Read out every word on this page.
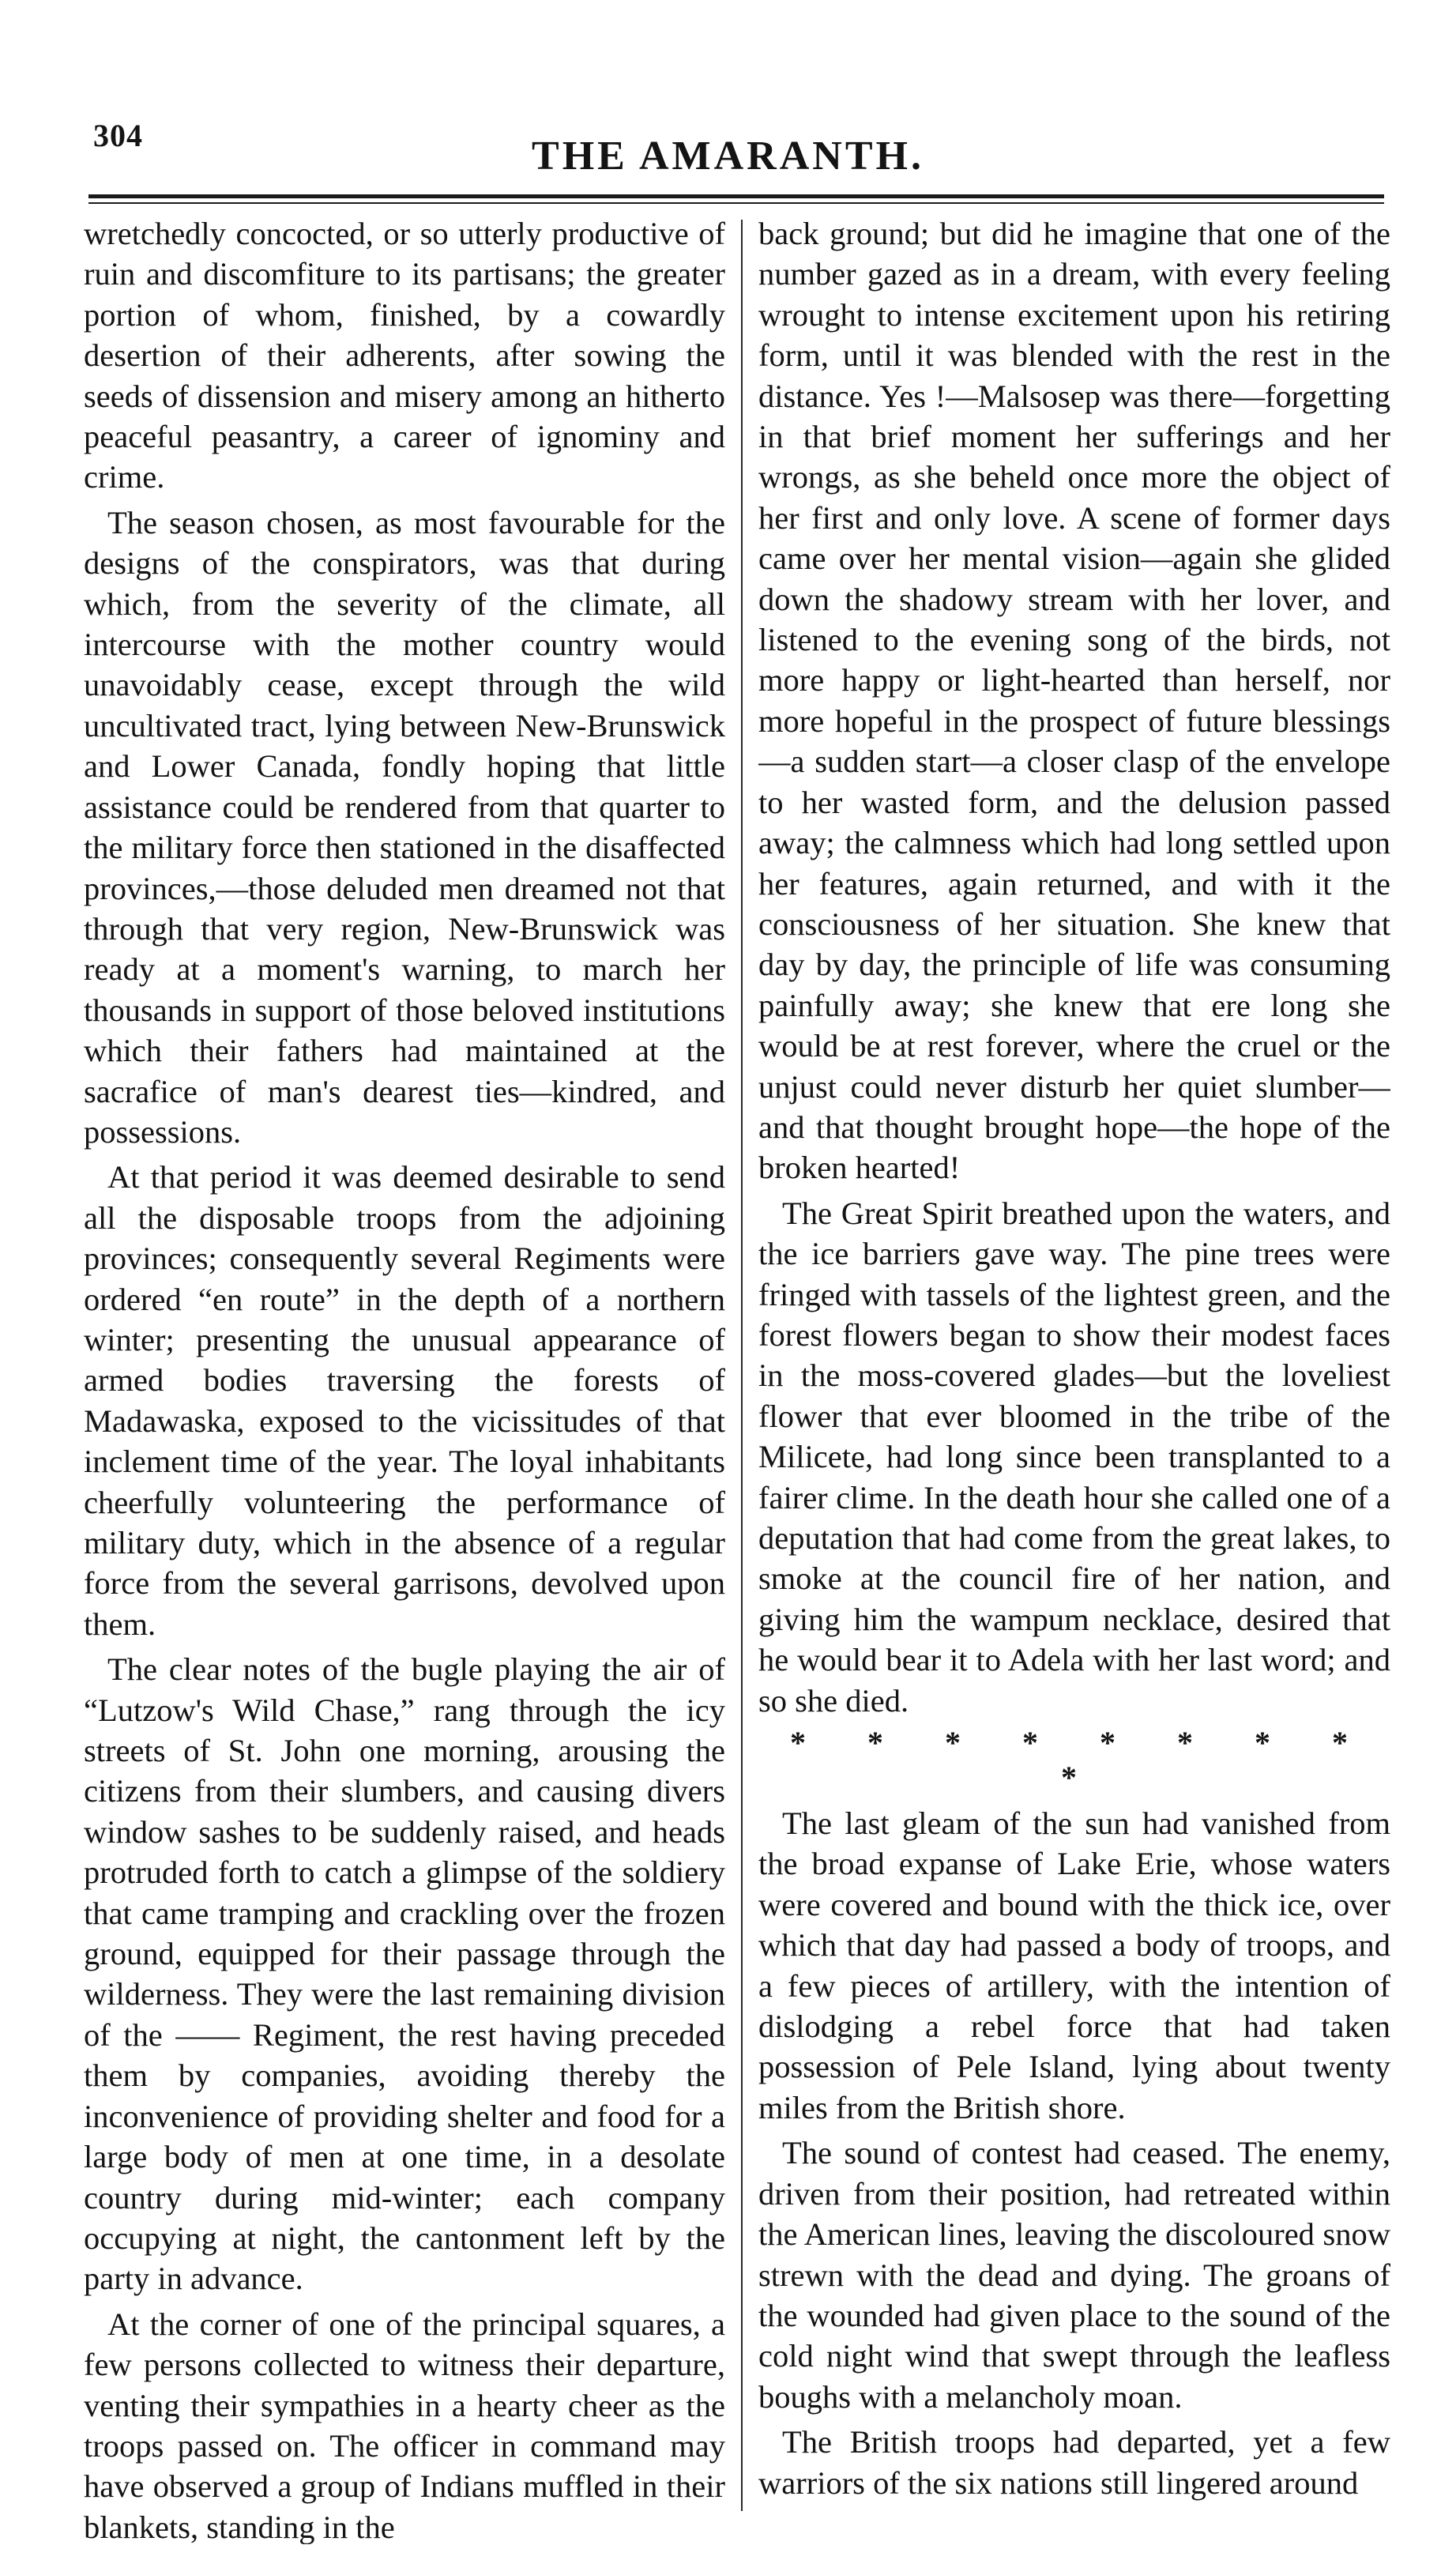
304	THE AMARANTH.

wretchedly concocted, or so utterly productive of ruin and discomfiture to its partisans; the greater portion of whom, finished, by a cowardly desertion of their adherents, after sowing the seeds of dissension and misery among an hitherto peaceful peasantry, a career of ignominy and crime.

The season chosen, as most favourable for the designs of the conspirators, was that during which, from the severity of the climate, all intercourse with the mother country would unavoidably cease, except through the wild uncultivated tract, lying between New-Brunswick and Lower Canada, fondly hoping that little assistance could be rendered from that quarter to the military force then stationed in the disaffected provinces,—those deluded men dreamed not that through that very region, New-Brunswick was ready at a moment's warning, to march her thousands in support of those beloved institutions which their fathers had maintained at the sacrafice of man's dearest ties—kindred, and possessions.

At that period it was deemed desirable to send all the disposable troops from the adjoining provinces; consequently several Regiments were ordered “en route” in the depth of a northern winter; presenting the unusual appearance of armed bodies traversing the forests of Madawaska, exposed to the vicissitudes of that inclement time of the year. The loyal inhabitants cheerfully volunteering the performance of military duty, which in the absence of a regular force from the several garrisons, devolved upon them.

The clear notes of the bugle playing the air of “Lutzow's Wild Chase,” rang through the icy streets of St. John one morning, arousing the citizens from their slumbers, and causing divers window sashes to be suddenly raised, and heads protruded forth to catch a glimpse of the soldiery that came tramping and crackling over the frozen ground, equipped for their passage through the wilderness. They were the last remaining division of the —— Regiment, the rest having preceded them by companies, avoiding thereby the inconvenience of providing shelter and food for a large body of men at one time, in a desolate country during mid-winter; each company occupying at night, the cantonment left by the party in advance.

At the corner of one of the principal squares, a few persons collected to witness their departure, venting their sympathies in a hearty cheer as the troops passed on. The officer in command may have observed a group of Indians muffled in their blankets, standing in the

back ground; but did he imagine that one of the number gazed as in a dream, with every feeling wrought to intense excitement upon his retiring form, until it was blended with the rest in the distance. Yes !—Malsosep was there—forgetting in that brief moment her sufferings and her wrongs, as she beheld once more the object of her first and only love. A scene of former days came over her mental vision—again she glided down the shadowy stream with her lover, and listened to the evening song of the birds, not more happy or light-hearted than herself, nor more hopeful in the prospect of future blessings—a sudden start—a closer clasp of the envelope to her wasted form, and the delusion passed away; the calmness which had long settled upon her features, again returned, and with it the consciousness of her situation. She knew that day by day, the principle of life was consuming painfully away; she knew that ere long she would be at rest forever, where the cruel or the unjust could never disturb her quiet slumber—and that thought brought hope—the hope of the broken hearted!

The Great Spirit breathed upon the waters, and the ice barriers gave way. The pine trees were fringed with tassels of the lightest green, and the forest flowers began to show their modest faces in the moss-covered glades—but the loveliest flower that ever bloomed in the tribe of the Milicete, had long since been transplanted to a fairer clime. In the death hour she called one of a deputation that had come from the great lakes, to smoke at the council fire of her nation, and giving him the wampum necklace, desired that he would bear it to Adela with her last word; and so she died.

* * * * * * * * *

The last gleam of the sun had vanished from the broad expanse of Lake Erie, whose waters were covered and bound with the thick ice, over which that day had passed a body of troops, and a few pieces of artillery, with the intention of dislodging a rebel force that had taken possession of Pele Island, lying about twenty miles from the British shore.

The sound of contest had ceased. The enemy, driven from their position, had retreated within the American lines, leaving the discoloured snow strewn with the dead and dying. The groans of the wounded had given place to the sound of the cold night wind that swept through the leafless boughs with a melancholy moan.

The British troops had departed, yet a few warriors of the six nations still lingered around
